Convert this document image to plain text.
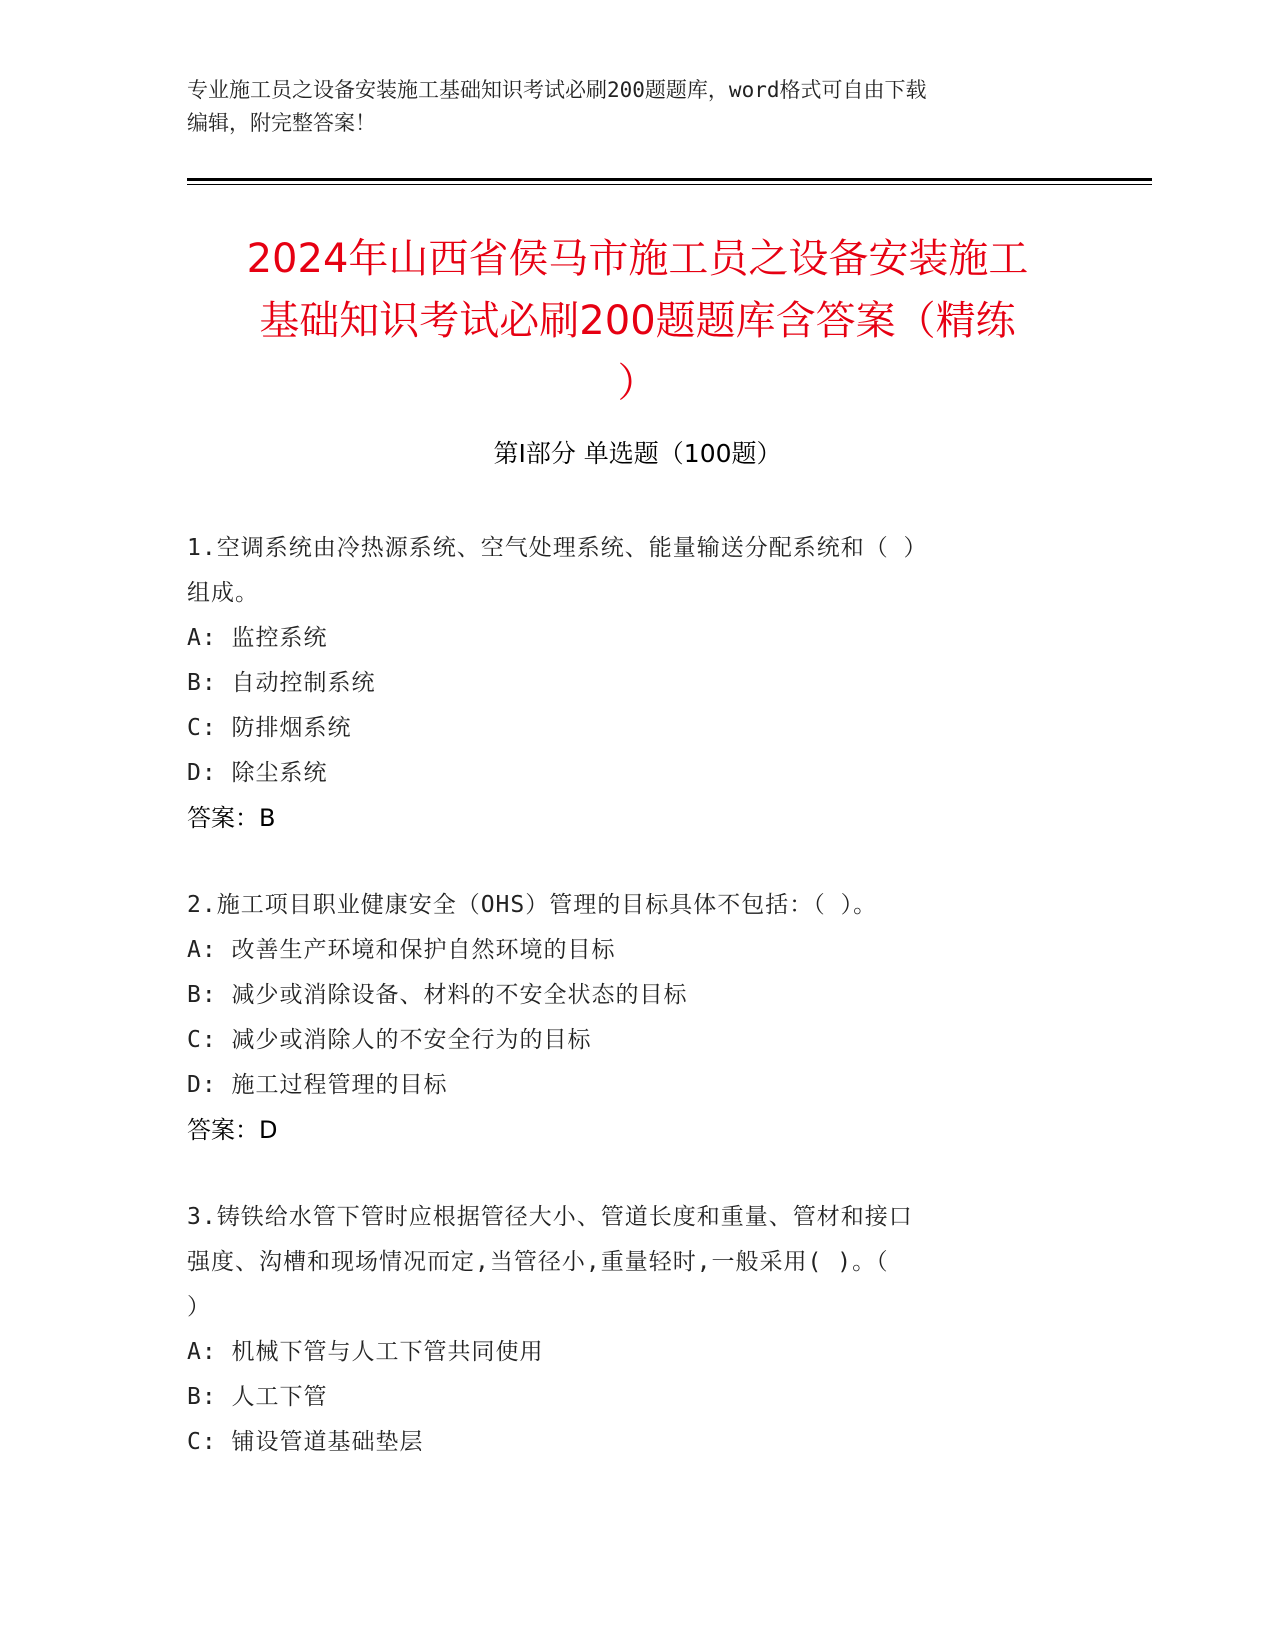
专业施工员之设备安装施工基础知识考试必刷200题题库，word格式可自由下载
编辑，附完整答案！
2024年山西省侯马市施工员之设备安装施工
基础知识考试必刷200题题库含答案（精练
）
第Ⅰ部分 单选题（100题）
1.空调系统由冷热源系统、空气处理系统、能量输送分配系统和（ ）
组成。
A: 监控系统
B: 自动控制系统
C: 防排烟系统
D: 除尘系统
答案：B
2.施工项目职业健康安全（OHS）管理的目标具体不包括：（ ）。
A: 改善生产环境和保护自然环境的目标
B: 减少或消除设备、材料的不安全状态的目标
C: 减少或消除人的不安全行为的目标
D: 施工过程管理的目标
答案：D
3.铸铁给水管下管时应根据管径大小、管道长度和重量、管材和接口
强度、沟槽和现场情况而定,当管径小,重量轻时,一般采用( )。（
）
A: 机械下管与人工下管共同使用
B: 人工下管
C: 铺设管道基础垫层
